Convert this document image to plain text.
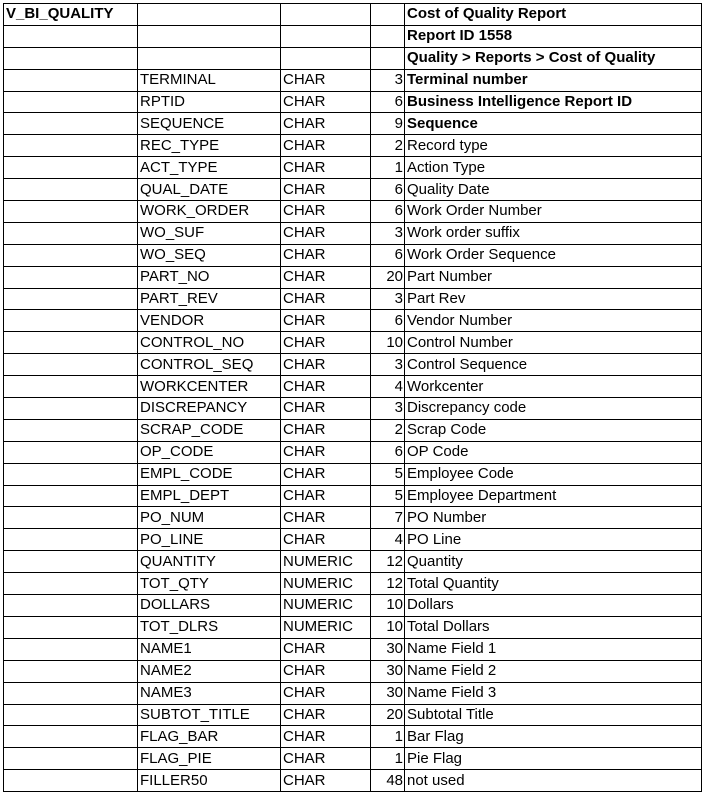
V_BI_QUALITY				Cost of Quality Report
				Report ID 1558
				Quality > Reports > Cost of Quality
	TERMINAL	CHAR	3	Terminal number
	RPTID	CHAR	6	Business Intelligence Report ID
	SEQUENCE	CHAR	9	Sequence
	REC_TYPE	CHAR	2	Record type
	ACT_TYPE	CHAR	1	Action Type
	QUAL_DATE	CHAR	6	Quality Date
	WORK_ORDER	CHAR	6	Work Order Number
	WO_SUF	CHAR	3	Work order suffix
	WO_SEQ	CHAR	6	Work Order Sequence
	PART_NO	CHAR	20	Part Number
	PART_REV	CHAR	3	Part Rev
	VENDOR	CHAR	6	Vendor Number
	CONTROL_NO	CHAR	10	Control Number
	CONTROL_SEQ	CHAR	3	Control Sequence
	WORKCENTER	CHAR	4	Workcenter
	DISCREPANCY	CHAR	3	Discrepancy code
	SCRAP_CODE	CHAR	2	Scrap Code
	OP_CODE	CHAR	6	OP Code
	EMPL_CODE	CHAR	5	Employee Code
	EMPL_DEPT	CHAR	5	Employee Department
	PO_NUM	CHAR	7	PO Number
	PO_LINE	CHAR	4	PO Line
	QUANTITY	NUMERIC	12	Quantity
	TOT_QTY	NUMERIC	12	Total Quantity
	DOLLARS	NUMERIC	10	Dollars
	TOT_DLRS	NUMERIC	10	Total Dollars
	NAME1	CHAR	30	Name Field 1
	NAME2	CHAR	30	Name Field 2
	NAME3	CHAR	30	Name Field 3
	SUBTOT_TITLE	CHAR	20	Subtotal Title
	FLAG_BAR	CHAR	1	Bar Flag
	FLAG_PIE	CHAR	1	Pie Flag
	FILLER50	CHAR	48	not used
